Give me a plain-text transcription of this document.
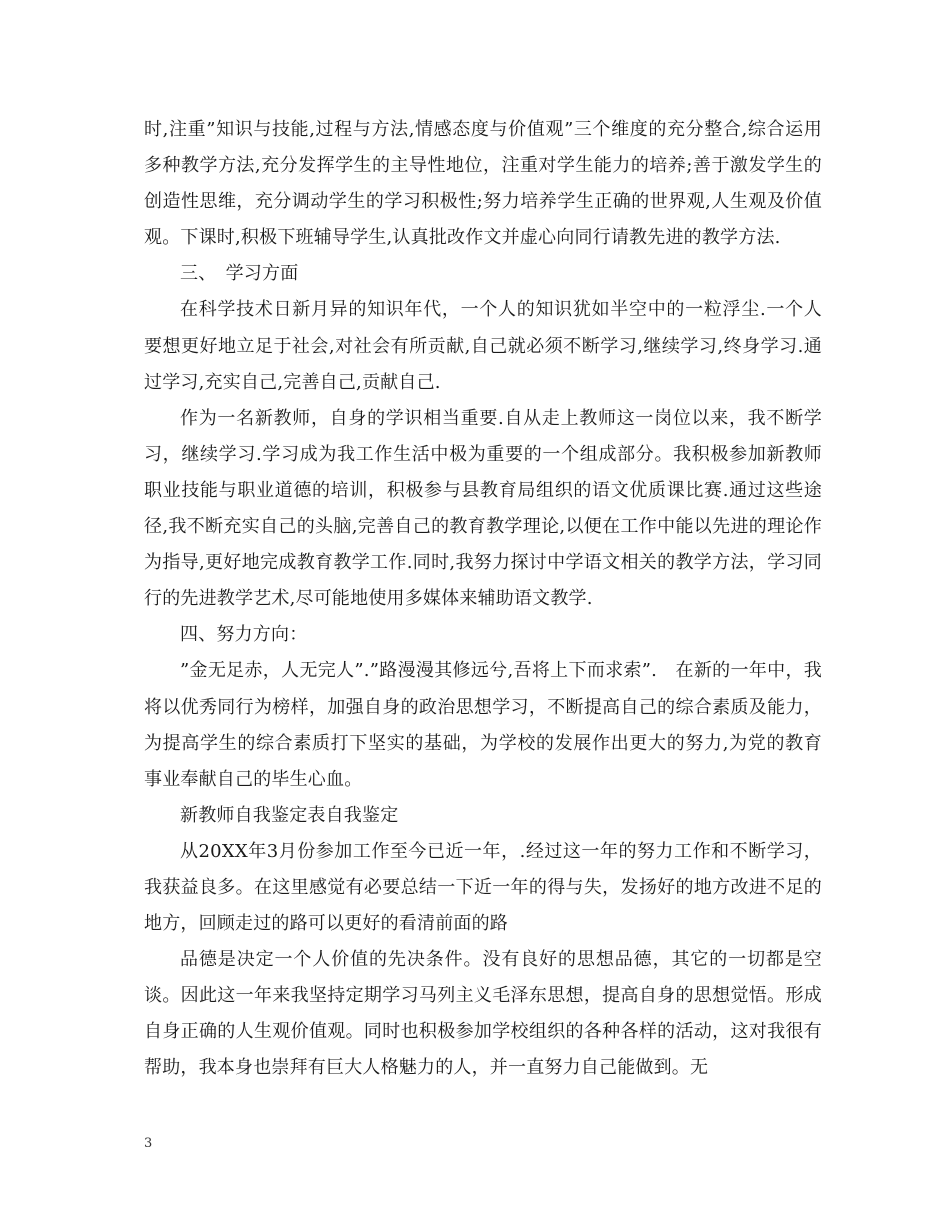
时,注重”知识与技能,过程与方法,情感态度与价值观”三个维度的充分整合,综合运用多种教学方法,充分发挥学生的主导性地位，注重对学生能力的培养;善于激发学生的创造性思维，充分调动学生的学习积极性;努力培养学生正确的世界观,人生观及价值观。下课时,积极下班辅导学生,认真批改作文并虚心向同行请教先进的教学方法.

三、　学习方面

在科学技术日新月异的知识年代，一个人的知识犹如半空中的一粒浮尘.一个人要想更好地立足于社会,对社会有所贡献,自己就必须不断学习,继续学习,终身学习.通过学习,充实自己,完善自己,贡献自己.

作为一名新教师，自身的学识相当重要.自从走上教师这一岗位以来，我不断学习，继续学习.学习成为我工作生活中极为重要的一个组成部分。我积极参加新教师职业技能与职业道德的培训，积极参与县教育局组织的语文优质课比赛.通过这些途径,我不断充实自己的头脑,完善自己的教育教学理论,以便在工作中能以先进的理论作为指导,更好地完成教育教学工作.同时,我努力探讨中学语文相关的教学方法，学习同行的先进教学艺术,尽可能地使用多媒体来辅助语文教学.

四、努力方向：

”金无足赤，人无完人”.”路漫漫其修远兮,吾将上下而求索”.　在新的一年中，我将以优秀同行为榜样，加强自身的政治思想学习，不断提高自己的综合素质及能力，为提高学生的综合素质打下坚实的基础，为学校的发展作出更大的努力,为党的教育事业奉献自己的毕生心血。

新教师自我鉴定表自我鉴定

从20XX年3月份参加工作至今已近一年，.经过这一年的努力工作和不断学习，我获益良多。在这里感觉有必要总结一下近一年的得与失，发扬好的地方改进不足的地方，回顾走过的路可以更好的看清前面的路

品德是决定一个人价值的先决条件。没有良好的思想品德，其它的一切都是空谈。因此这一年来我坚持定期学习马列主义毛泽东思想，提高自身的思想觉悟。形成自身正确的人生观价值观。同时也积极参加学校组织的各种各样的活动，这对我很有帮助，我本身也崇拜有巨大人格魅力的人，并一直努力自己能做到。无

3
